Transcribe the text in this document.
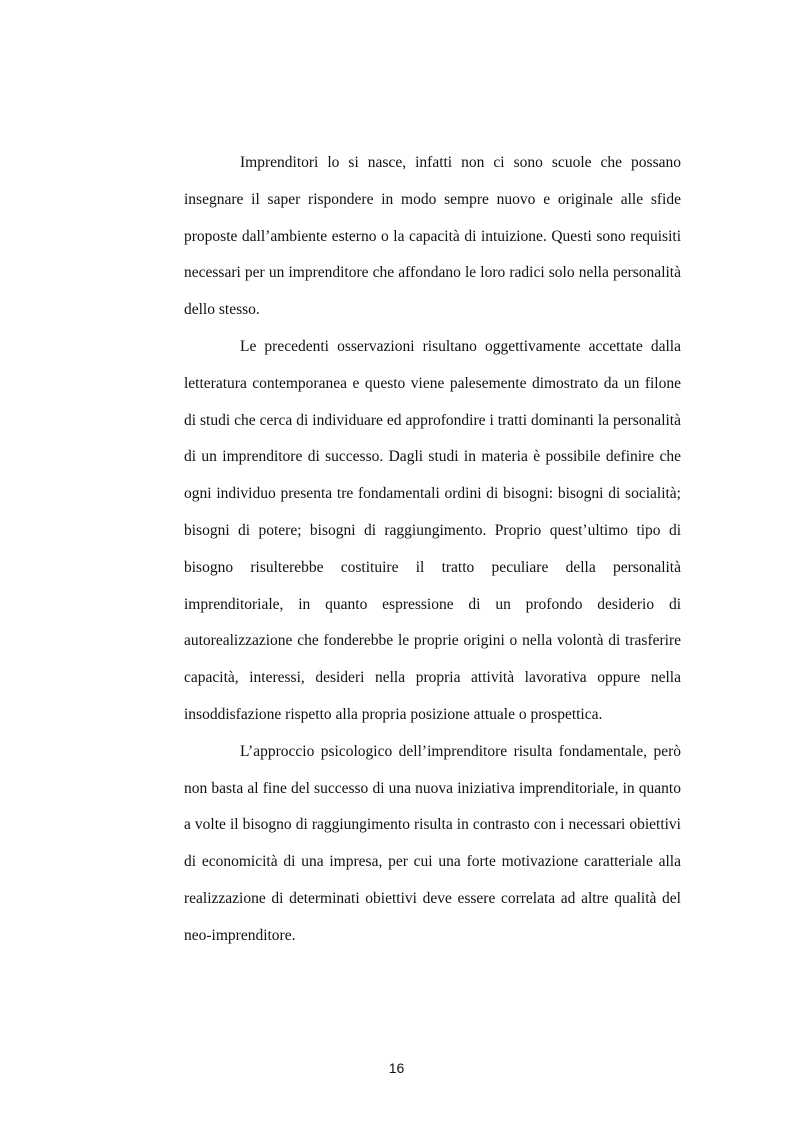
Imprenditori lo si nasce, infatti non ci sono scuole che possano insegnare il saper rispondere in modo sempre nuovo e originale alle sfide proposte dall’ambiente esterno o la capacità di intuizione. Questi sono requisiti necessari per un imprenditore che affondano le loro radici solo nella personalità dello stesso.

Le precedenti osservazioni risultano oggettivamente accettate dalla letteratura contemporanea e questo viene palesemente dimostrato da un filone di studi che cerca di individuare ed approfondire i tratti dominanti la personalità di un imprenditore di successo. Dagli studi in materia è possibile definire che ogni individuo presenta tre fondamentali ordini di bisogni: bisogni di socialità; bisogni di potere; bisogni di raggiungimento. Proprio quest’ultimo tipo di bisogno risulterebbe costituire il tratto peculiare della personalità imprenditoriale, in quanto espressione di un profondo desiderio di autorealizzazione che fonderebbe le proprie origini o nella volontà di trasferire capacità, interessi, desideri nella propria attività lavorativa oppure nella insoddisfazione rispetto alla propria posizione attuale o prospettica.

L’approccio psicologico dell’imprenditore risulta fondamentale, però non basta al fine del successo di una nuova iniziativa imprenditoriale, in quanto a volte il bisogno di raggiungimento risulta in contrasto con i necessari obiettivi di economicità di una impresa, per cui una forte motivazione caratteriale alla realizzazione di determinati obiettivi deve essere correlata ad altre qualità del neo-imprenditore.

16
